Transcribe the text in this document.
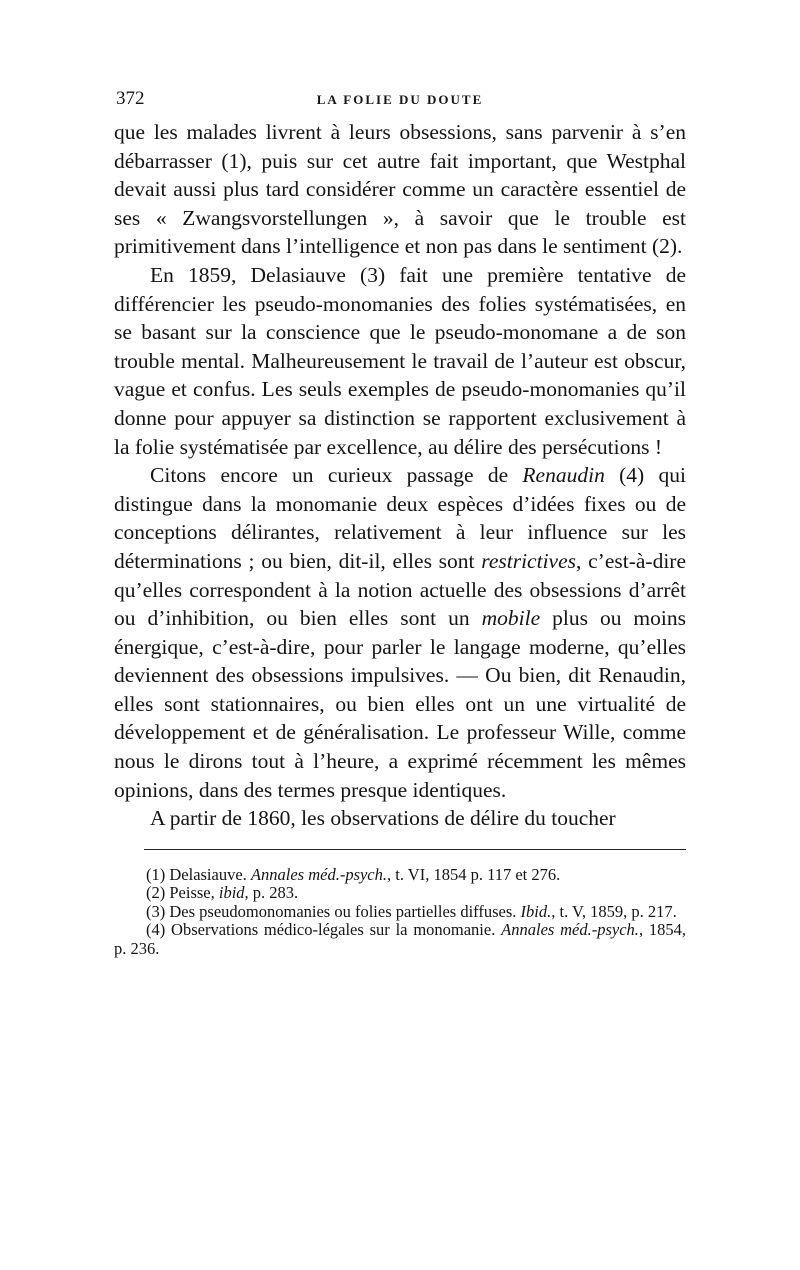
372	LA FOLIE DU DOUTE

que les malades livrent à leurs obsessions, sans parvenir à s’en débarrasser (1), puis sur cet autre fait important, que Westphal devait aussi plus tard considérer comme un caractère essentiel de ses « Zwangsvorstellungen », à savoir que le trouble est primitivement dans l’intelligence et non pas dans le sentiment (2).

En 1859, Delasiauve (3) fait une première tentative de différencier les pseudo-monomanies des folies systématisées, en se basant sur la conscience que le pseudo-monomane a de son trouble mental. Malheureusement le travail de l’auteur est obscur, vague et confus. Les seuls exemples de pseudo-monomanies qu’il donne pour appuyer sa distinction se rapportent exclusivement à la folie systématisée par excellence, au délire des persécutions !

Citons encore un curieux passage de Renaudin (4) qui distingue dans la monomanie deux espèces d’idées fixes ou de conceptions délirantes, relativement à leur influence sur les déterminations ; ou bien, dit-il, elles sont restrictives, c’est-à-dire qu’elles correspondent à la notion actuelle des obsessions d’arrêt ou d’inhibition, ou bien elles sont un mobile plus ou moins énergique, c’est-à-dire, pour parler le langage moderne, qu’elles deviennent des obsessions impulsives. — Ou bien, dit Renaudin, elles sont stationnaires, ou bien elles ont un une virtualité de développement et de généralisation. Le professeur Wille, comme nous le dirons tout à l’heure, a exprimé récemment les mêmes opinions, dans des termes presque identiques.

A partir de 1860, les observations de délire du toucher

(1) Delasiauve. Annales méd.-psych., t. VI, 1854 p. 117 et 276.

(2) Peisse, ibid, p. 283.

(3) Des pseudomonomanies ou folies partielles diffuses. Ibid., t. V, 1859, p. 217.

(4) Observations médico-légales sur la monomanie. Annales méd.-psych., 1854, p. 236.
